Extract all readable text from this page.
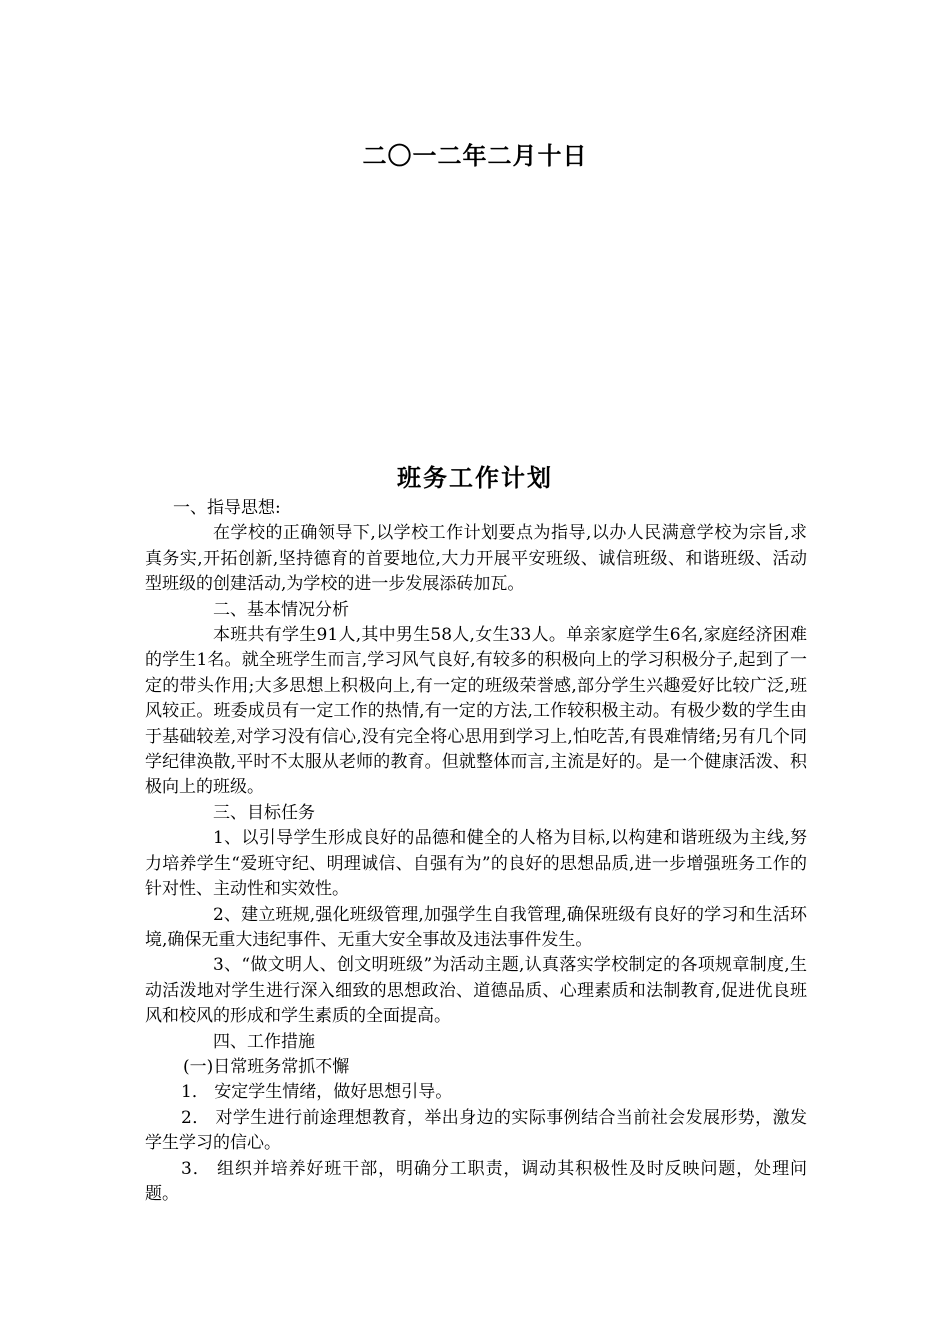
二〇一二年二月十日
班务工作计划

一、指导思想:

在学校的正确领导下,以学校工作计划要点为指导,以办人民满意学校为宗旨,求真务实,开拓创新,坚持德育的首要地位,大力开展平安班级、诚信班级、和谐班级、活动型班级的创建活动,为学校的进一步发展添砖加瓦。

二、基本情况分析

本班共有学生91人,其中男生58人,女生33人。单亲家庭学生6名,家庭经济困难的学生1名。就全班学生而言,学习风气良好,有较多的积极向上的学习积极分子,起到了一定的带头作用;大多思想上积极向上,有一定的班级荣誉感,部分学生兴趣爱好比较广泛,班风较正。班委成员有一定工作的热情,有一定的方法,工作较积极主动。有极少数的学生由于基础较差,对学习没有信心,没有完全将心思用到学习上,怕吃苦,有畏难情绪;另有几个同学纪律涣散,平时不太服从老师的教育。但就整体而言,主流是好的。是一个健康活泼、积极向上的班级。

三、目标任务

1、以引导学生形成良好的品德和健全的人格为目标,以构建和谐班级为主线,努力培养学生“爱班守纪、明理诚信、自强有为”的良好的思想品质,进一步增强班务工作的针对性、主动性和实效性。

2、建立班规,强化班级管理,加强学生自我管理,确保班级有良好的学习和生活环境,确保无重大违纪事件、无重大安全事故及违法事件发生。

3、“做文明人、创文明班级”为活动主题,认真落实学校制定的各项规章制度,生动活泼地对学生进行深入细致的思想政治、道德品质、心理素质和法制教育,促进优良班风和校风的形成和学生素质的全面提高。

四、工作措施

(一)日常班务常抓不懈

1． 安定学生情绪，做好思想引导。

2． 对学生进行前途理想教育，举出身边的实际事例结合当前社会发展形势，激发学生学习的信心。

3． 组织并培养好班干部，明确分工职责，调动其积极性及时反映问题，处理问题。
